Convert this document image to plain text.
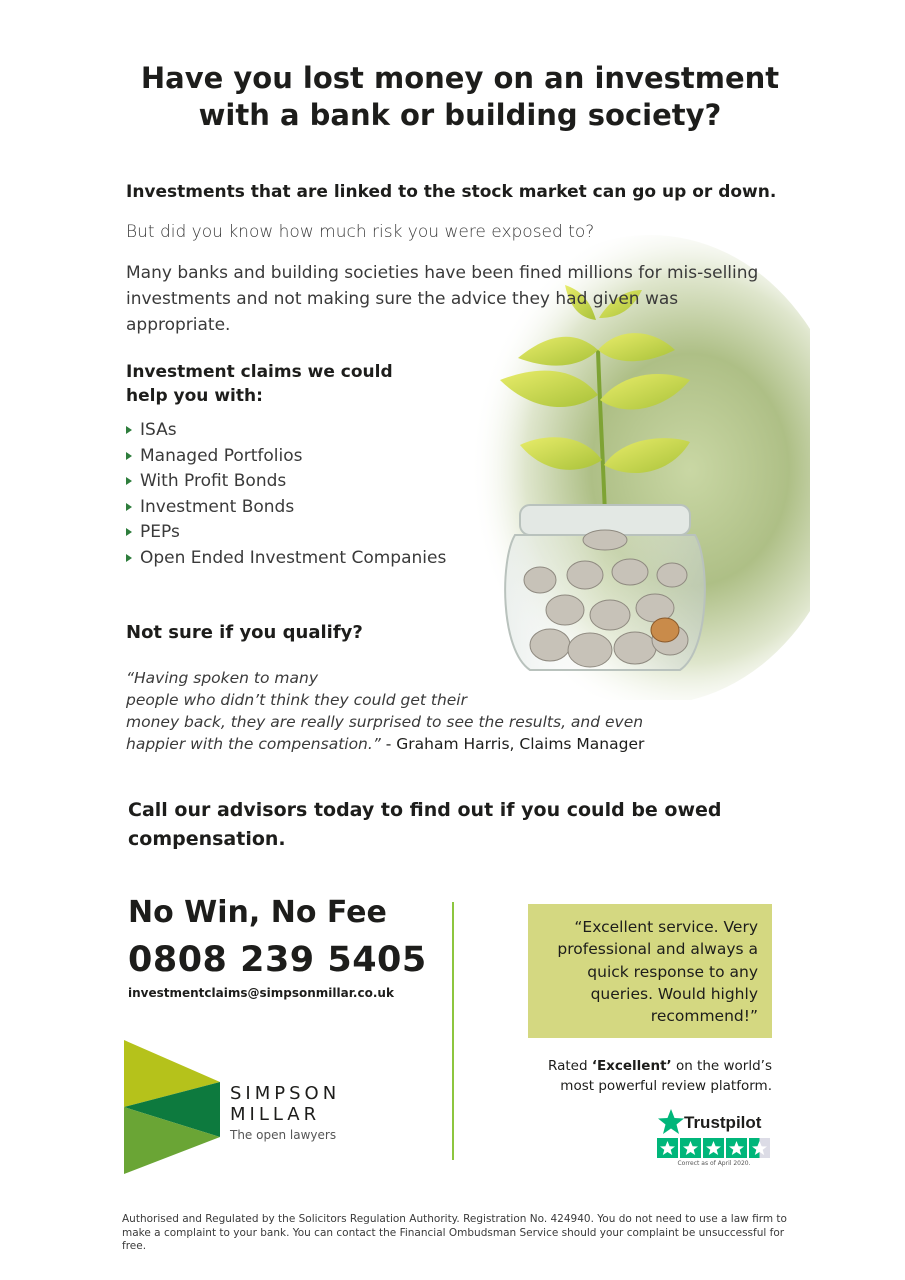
Have you lost money on an investment
with a bank or building society?
Investments that are linked to the stock market can go up or down.
But did you know how much risk you were exposed to?
Many banks and building societies have been fined millions for mis-selling investments and not making sure the advice they had given was appropriate.
Investment claims we could
help you with:
ISAs
Managed Portfolios
With Profit Bonds
Investment Bonds
PEPs
Open Ended Investment Companies
Not sure if you qualify?
“Having spoken to many
people who didn’t think they could get their
money back, they are really surprised to see the results, and even
happier with the compensation.” - Graham Harris, Claims Manager
Call our advisors today to find out if you could be owed compensation.
No Win, No Fee
0808 239 5405
investmentclaims@simpsonmillar.co.uk
SIMPSON
MILLAR
The open lawyers
“Excellent service. Very professional and always a quick response to any queries. Would highly recommend!”
Rated ‘Excellent’ on the world’s most powerful review platform.
Trustpilot
Correct as of April 2020.
Authorised and Regulated by the Solicitors Regulation Authority. Registration No. 424940. You do not need to use a law firm to make a complaint to your bank. You can contact the Financial Ombudsman Service should your complaint be unsuccessful for free.
